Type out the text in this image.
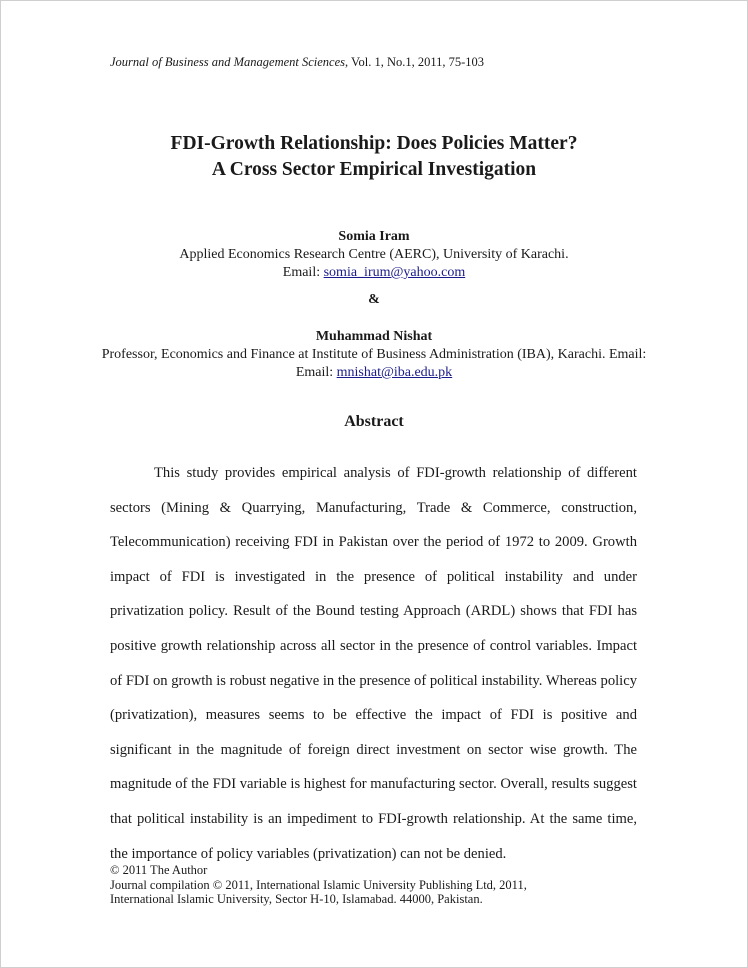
Journal of Business and Management Sciences, Vol. 1, No.1, 2011, 75-103
FDI-Growth Relationship: Does Policies Matter?
A Cross Sector Empirical Investigation
Somia Iram
Applied Economics Research Centre (AERC), University of Karachi.
Email: somia_irum@yahoo.com
&
Muhammad Nishat
Professor, Economics and Finance at Institute of Business Administration (IBA), Karachi. Email:
Email: mnishat@iba.edu.pk
Abstract

This study provides empirical analysis of FDI-growth relationship of different sectors (Mining & Quarrying, Manufacturing, Trade & Commerce, construction, Telecommunication) receiving FDI in Pakistan over the period of 1972 to 2009. Growth impact of FDI is investigated in the presence of political instability and under privatization policy. Result of the Bound testing Approach (ARDL) shows that FDI has positive growth relationship across all sector in the presence of control variables. Impact of FDI on growth is robust negative in the presence of political instability. Whereas policy (privatization), measures seems to be effective the impact of FDI is positive and significant in the magnitude of foreign direct investment on sector wise growth. The magnitude of the FDI variable is highest for manufacturing sector. Overall, results suggest that political instability is an impediment to FDI-growth relationship. At the same time, the importance of policy variables (privatization) can not be denied.

© 2011 The Author
Journal compilation © 2011, International Islamic University Publishing Ltd, 2011,
International Islamic University, Sector H-10, Islamabad. 44000, Pakistan.
